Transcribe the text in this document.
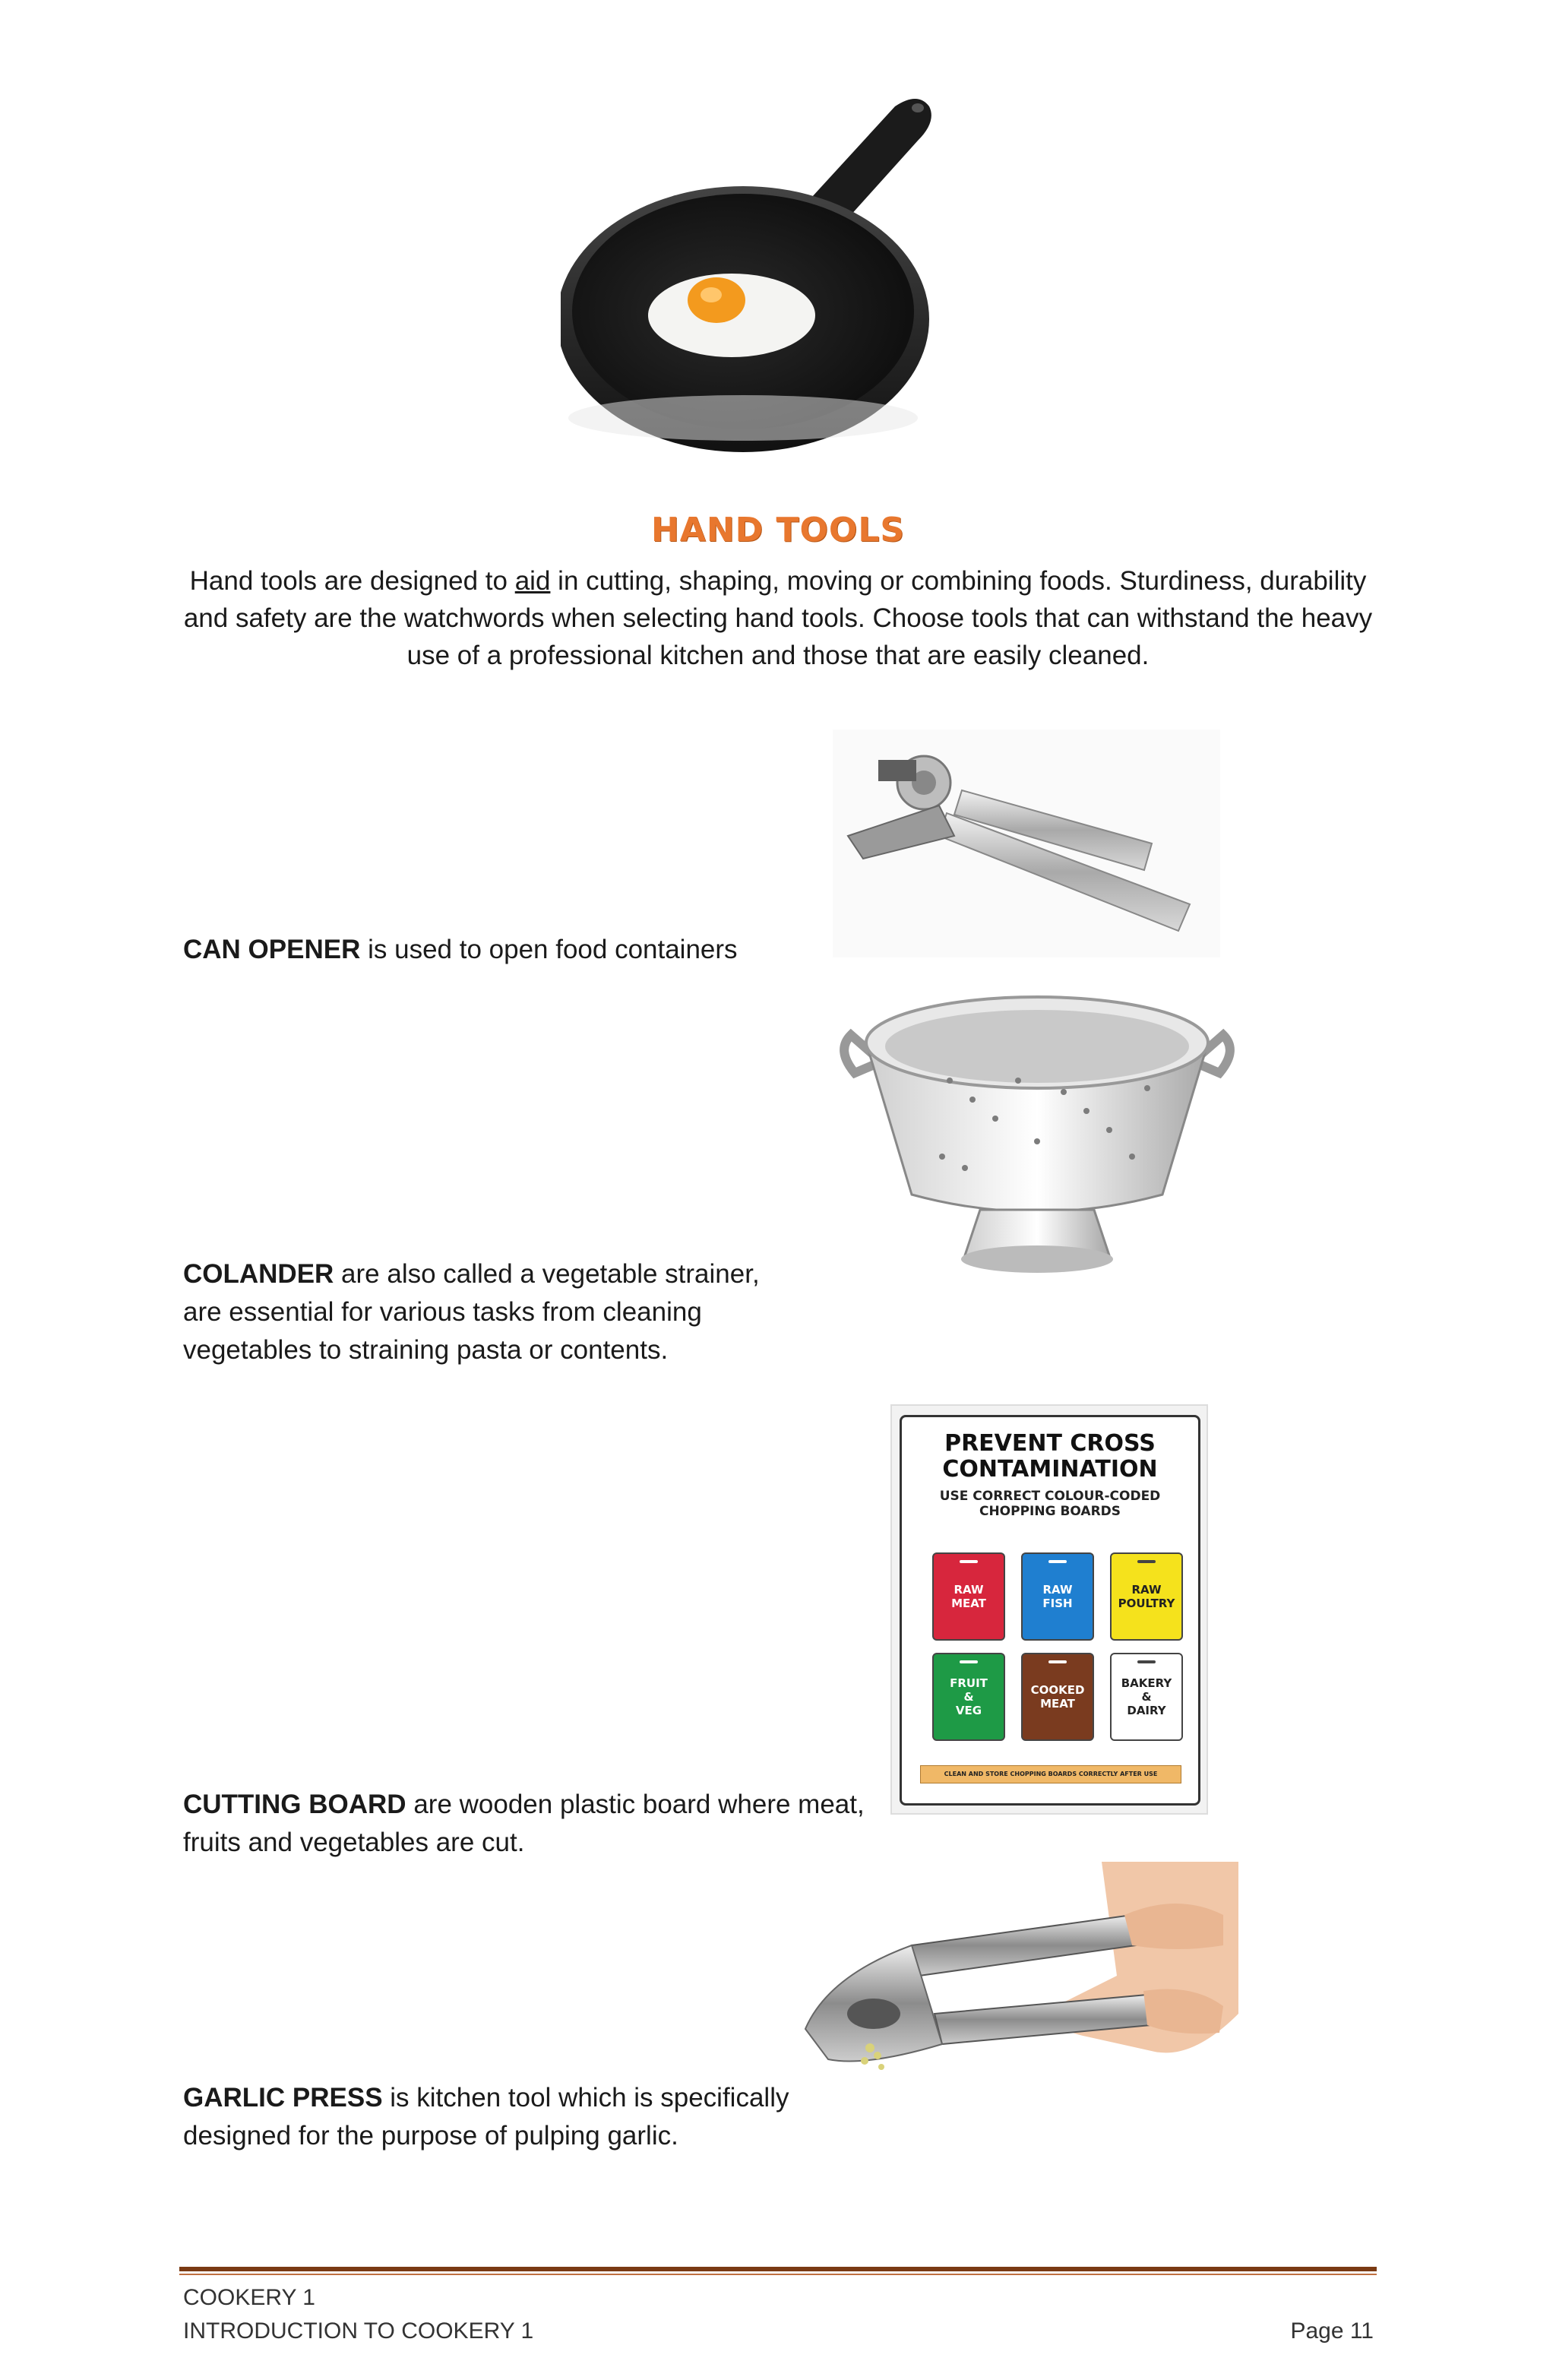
HAND TOOLS
Hand tools are designed to aid in cutting, shaping, moving or combining foods. Sturdiness, durability and safety are the watchwords when selecting hand tools. Choose tools that can withstand the heavy use of a professional kitchen and those that are easily cleaned.
CAN OPENER is used to open food containers
COLANDER are also called a vegetable strainer,
are essential for various tasks from cleaning
vegetables to straining pasta or contents.
PREVENT CROSS
CONTAMINATION
USE CORRECT COLOUR-CODED
CHOPPING BOARDS
RAW
MEAT
RAW
FISH
RAW
POULTRY
FRUIT
&
VEG
COOKED
MEAT
BAKERY
&
DAIRY
CLEAN AND STORE CHOPPING BOARDS CORRECTLY AFTER USE
CUTTING BOARD are wooden plastic board where meat,
fruits and vegetables are cut.
GARLIC PRESS is kitchen tool which is specifically
designed for the purpose of pulping garlic.
COOKERY 1
INTRODUCTION TO COOKERY 1	Page 11
